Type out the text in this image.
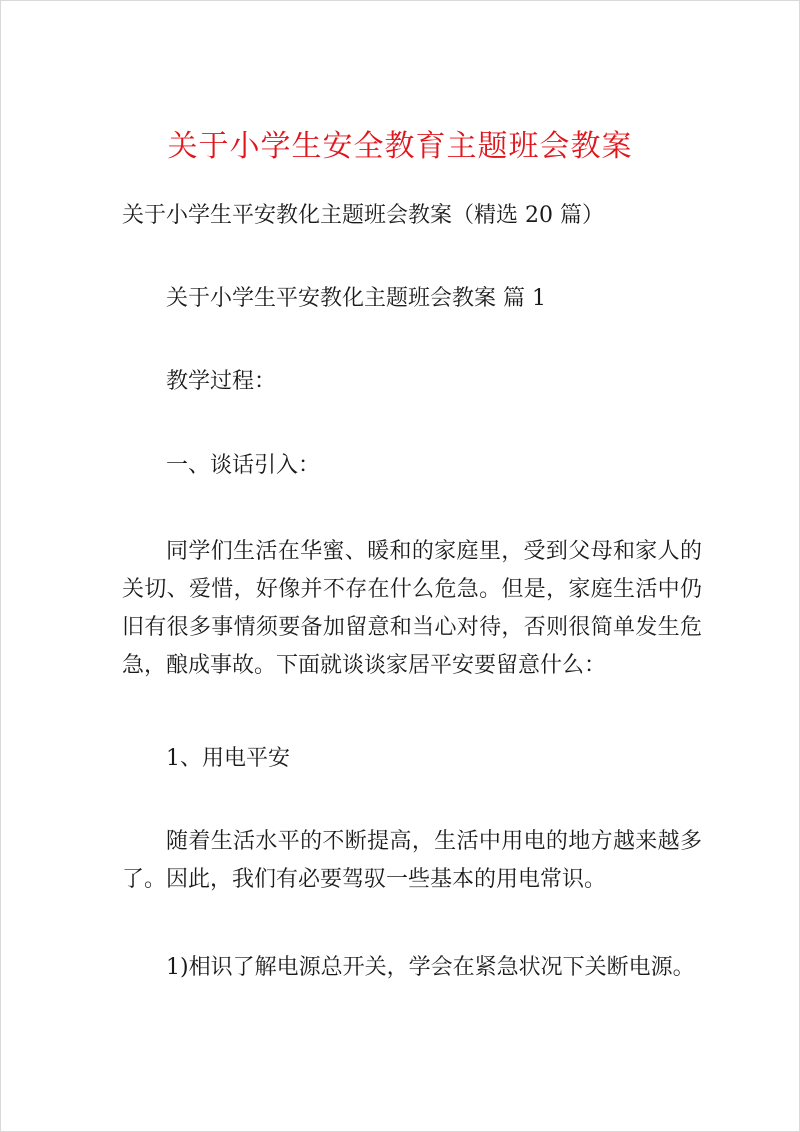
关于小学生安全教育主题班会教案
关于小学生平安教化主题班会教案（精选 20 篇）
关于小学生平安教化主题班会教案 篇 1
教学过程：
一、谈话引入：
同学们生活在华蜜、暖和的家庭里，受到父母和家人的关切、爱惜，好像并不存在什么危急。但是，家庭生活中仍旧有很多事情须要备加留意和当心对待，否则很简单发生危急，酿成事故。下面就谈谈家居平安要留意什么：
1、用电平安
随着生活水平的不断提高，生活中用电的地方越来越多了。因此，我们有必要驾驭一些基本的用电常识。
1)相识了解电源总开关，学会在紧急状况下关断电源。
